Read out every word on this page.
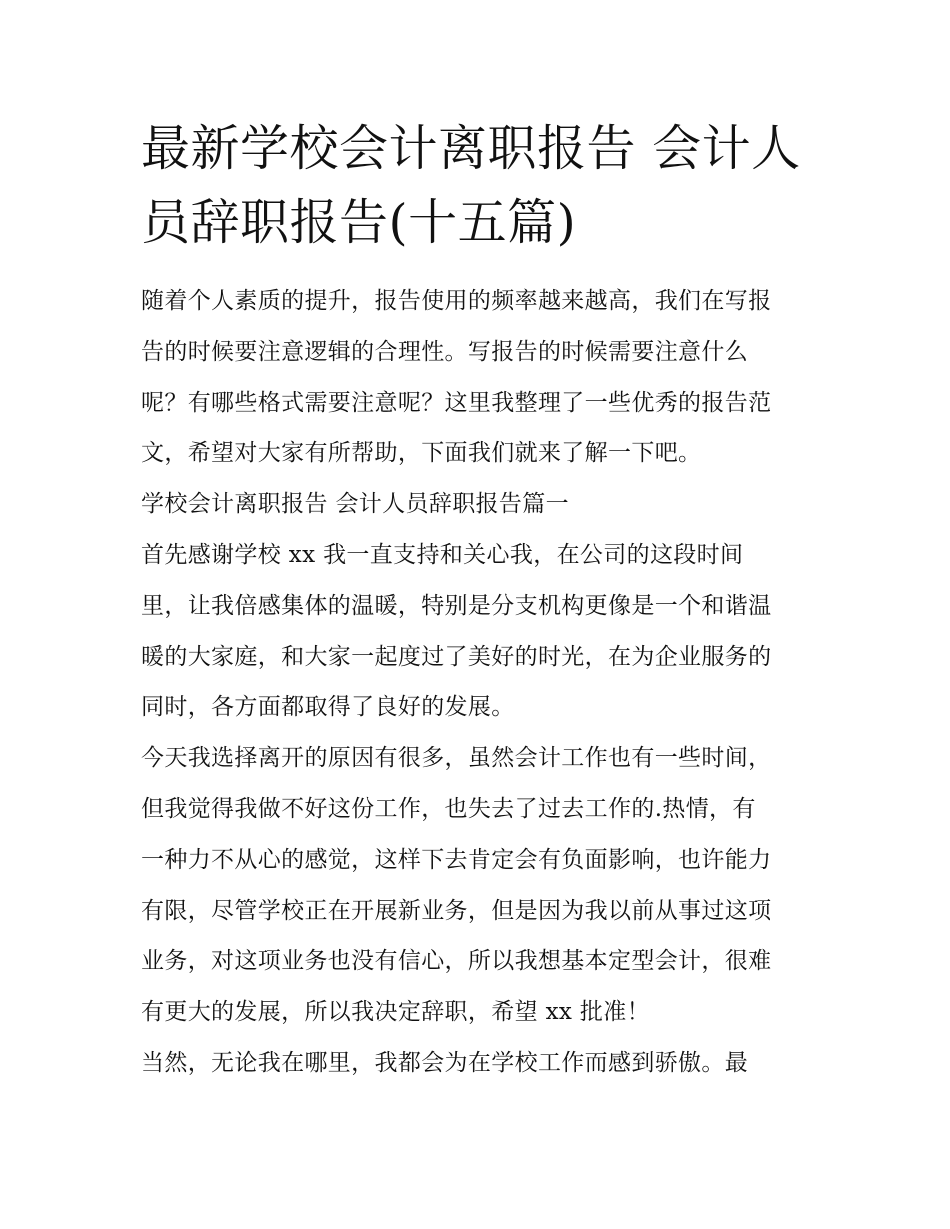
最新学校会计离职报告 会计人
员辞职报告(十五篇)
随着个人素质的提升，报告使用的频率越来越高，我们在写报
告的时候要注意逻辑的合理性。写报告的时候需要注意什么
呢？有哪些格式需要注意呢？这里我整理了一些优秀的报告范
文，希望对大家有所帮助，下面我们就来了解一下吧。
学校会计离职报告 会计人员辞职报告篇一
首先感谢学校 xx 我一直支持和关心我，在公司的这段时间
里，让我倍感集体的温暖，特别是分支机构更像是一个和谐温
暖的大家庭，和大家一起度过了美好的时光，在为企业服务的
同时，各方面都取得了良好的发展。
今天我选择离开的原因有很多，虽然会计工作也有一些时间，
但我觉得我做不好这份工作，也失去了过去工作的.热情，有
一种力不从心的感觉，这样下去肯定会有负面影响，也许能力
有限，尽管学校正在开展新业务，但是因为我以前从事过这项
业务，对这项业务也没有信心，所以我想基本定型会计，很难
有更大的发展，所以我决定辞职，希望 xx 批准！
当然，无论我在哪里，我都会为在学校工作而感到骄傲。最
